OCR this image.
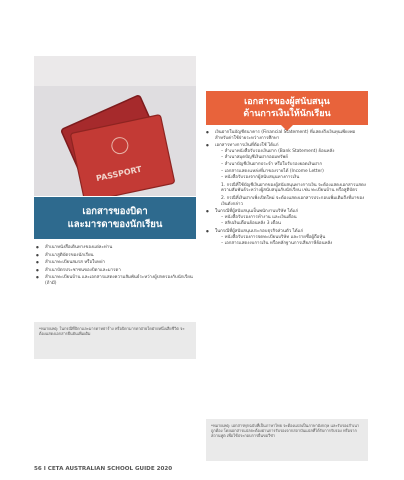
PASSPORT
เอกสารของบิดา
และมารดาของนักเรียน
● สำเนาหนังสือเดินทางของแต่ละท่าน
● สำเนาสูติบัตรของนักเรียน
● สำเนาทะเบียนสมรส หรือใบหย่า
● สำเนาบัตรประชาชนของบิดาและมารดา
● สำเนาทะเบียนบ้าน และเอกสารแสดงความสัมพันธ์ระหว่างผู้ปกครองกับนักเรียน (ถ้ามี)

*หมายเหตุ: ในกรณีที่บิดาและมารดาหย่าร้าง หรือบิดามารดาฝ่ายใดฝ่ายหนึ่งเสียชีวิต จะต้องแสดงเอกสารยืนยันเพิ่มเติม

เอกสารของผู้สนับสนุน
ด้านการเงินให้นักเรียน
● เงินฝากในบัญชีธนาคาร (Financial Statement) ที่แสดงถึงเงินทุนเพียงพอสำหรับค่าใช้จ่ายระหว่างการศึกษา
● เอกสารทางการเงินที่ต้องใช้ ได้แก่
– สำเนาหนังสือรับรองเงินฝาก (Bank Statement) ย้อนหลัง
– สำเนาสมุดบัญชีเงินฝากออมทรัพย์
– สำเนาบัญชีเงินฝากประจำ หรือใบรับรองยอดเงินฝาก
– เอกสารแสดงแหล่งที่มาของรายได้ (Income Letter)
– หนังสือรับรองจากผู้สนับสนุนทางการเงิน

1. กรณีที่ใช้บัญชีเงินฝากของผู้สนับสนุนทางการเงิน จะต้องแสดงเอกสารแสดงความสัมพันธ์ระหว่างผู้สนับสนุนกับนักเรียน เช่น ทะเบียนบ้าน หรือสูติบัตร

2. กรณีที่เงินฝากเพิ่งเปิดใหม่ จะต้องแสดงเอกสารประกอบเพิ่มเติมถึงที่มาของเงินดังกล่าว

● ในกรณีที่ผู้สนับสนุนเป็นพนักงานบริษัท ได้แก่
– หนังสือรับรองการทำงาน และเงินเดือน
– สลิปเงินเดือนย้อนหลัง 3 เดือน
● ในกรณีที่ผู้สนับสนุนประกอบธุรกิจส่วนตัว ได้แก่
– หนังสือรับรองการจดทะเบียนบริษัท และรายชื่อผู้ถือหุ้น
– เอกสารแสดงงบการเงิน หรือหลักฐานการเสียภาษีย้อนหลัง

*หมายเหตุ: เอกสารทุกฉบับที่เป็นภาษาไทย จะต้องแปลเป็นภาษาอังกฤษ และรับรองสำเนาถูกต้อง โดยเอกสารแปลจะต้องผ่านการรับรองจากสถาบันแปลที่ได้รับการรับรอง หรือจากสถานทูต เพื่อใช้ประกอบการยื่นขอวีซ่า

56 I CETA AUSTRALIAN SCHOOL GUIDE 2020
